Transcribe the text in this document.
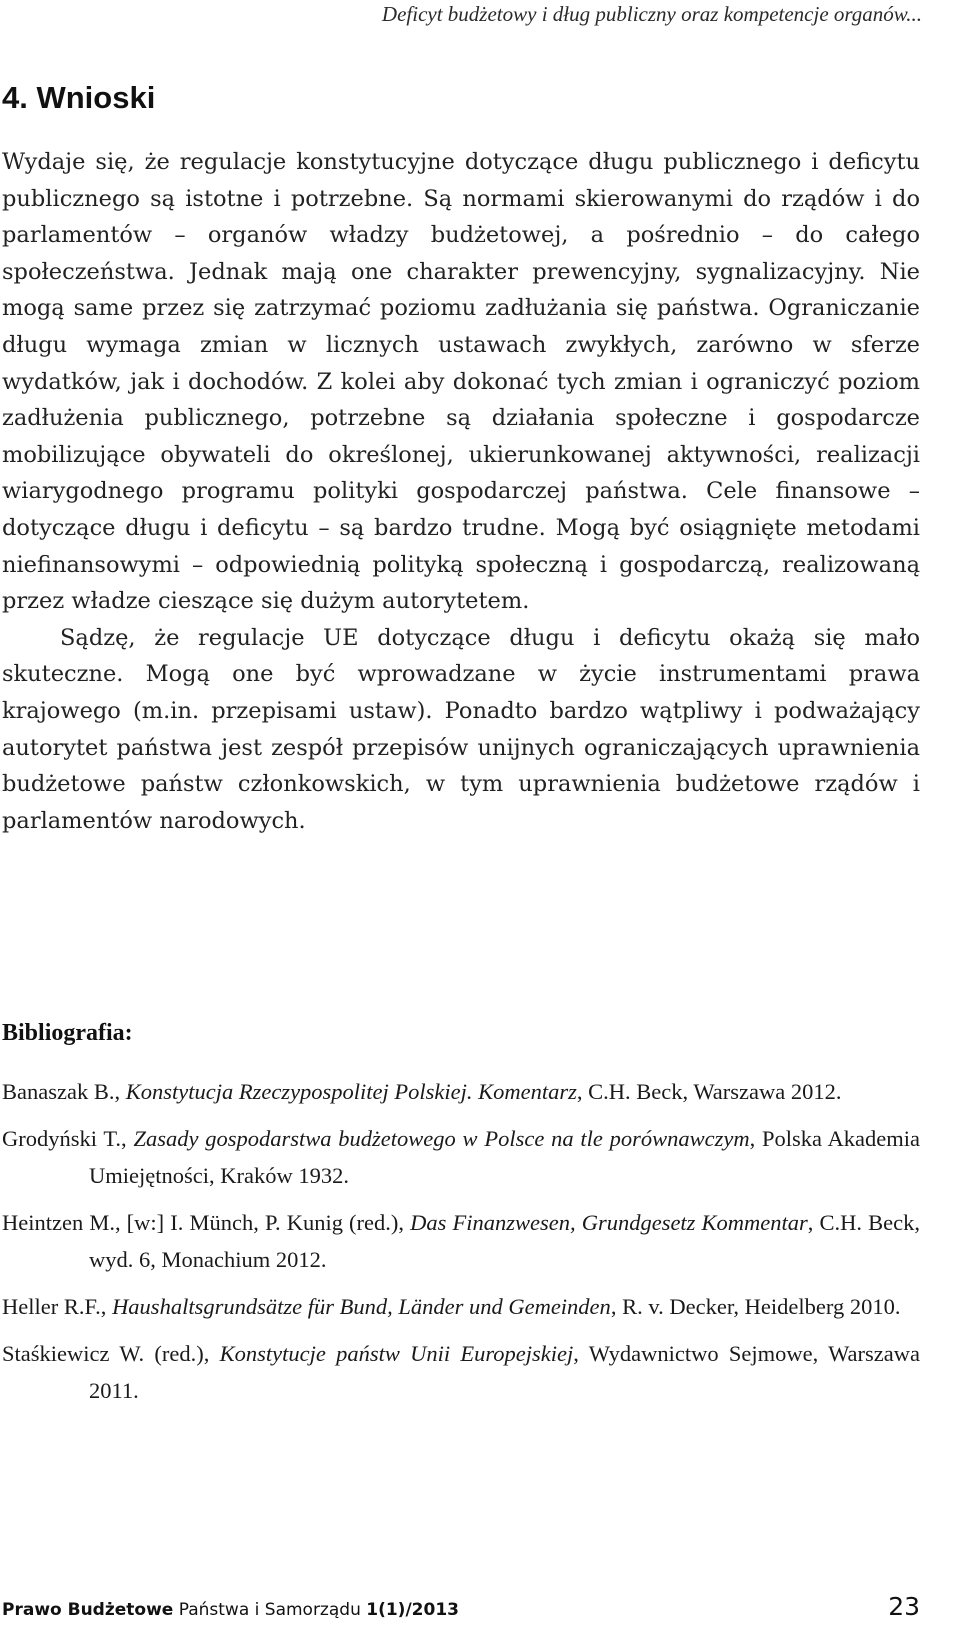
Deficyt budżetowy i dług publiczny oraz kompetencje organów...
4. Wnioski

Wydaje się, że regulacje konstytucyjne dotyczące długu publicznego i deficytu publicznego są istotne i potrzebne. Są normami skierowanymi do rządów i do parlamentów – organów władzy budżetowej, a pośrednio – do całego społeczeństwa. Jednak mają one charakter prewencyjny, sygnalizacyjny. Nie mogą same przez się zatrzymać poziomu zadłużania się państwa. Ograniczanie długu wymaga zmian w licznych ustawach zwykłych, zarówno w sferze wydatków, jak i dochodów. Z kolei aby dokonać tych zmian i ograniczyć poziom zadłużenia publicznego, potrzebne są działania społeczne i gospodarcze mobilizujące obywateli do określonej, ukierunkowanej aktywności, realizacji wiarygodnego programu polityki gospodarczej państwa. Cele finansowe – dotyczące długu i deficytu – są bardzo trudne. Mogą być osiągnięte metodami niefinansowymi – odpowiednią polityką społeczną i gospodarczą, realizowaną przez władze cieszące się dużym autorytetem.

Sądzę, że regulacje UE dotyczące długu i deficytu okażą się mało skuteczne. Mogą one być wprowadzane w życie instrumentami prawa krajowego (m.in. przepisami ustaw). Ponadto bardzo wątpliwy i podważający autorytet państwa jest zespół przepisów unijnych ograniczających uprawnienia budżetowe państw członkowskich, w tym uprawnienia budżetowe rządów i parlamentów narodowych.

Bibliografia:
Banaszak B., Konstytucja Rzeczypospolitej Polskiej. Komentarz, C.H. Beck, Warszawa 2012.
Grodyński T., Zasady gospodarstwa budżetowego w Polsce na tle porównawczym, Polska Akademia Umiejętności, Kraków 1932.
Heintzen M., [w:] I. Münch, P. Kunig (red.), Das Finanzwesen, Grundgesetz Kommentar, C.H. Beck, wyd. 6, Monachium 2012.
Heller R.F., Haushaltsgrundsätze für Bund, Länder und Gemeinden, R. v. Decker, Heidelberg 2010.
Staśkiewicz W. (red.), Konstytucje państw Unii Europejskiej, Wydawnictwo Sejmowe, Warszawa 2011.
Prawo Budżetowe Państwa i Samorządu 1(1)/2013	23
